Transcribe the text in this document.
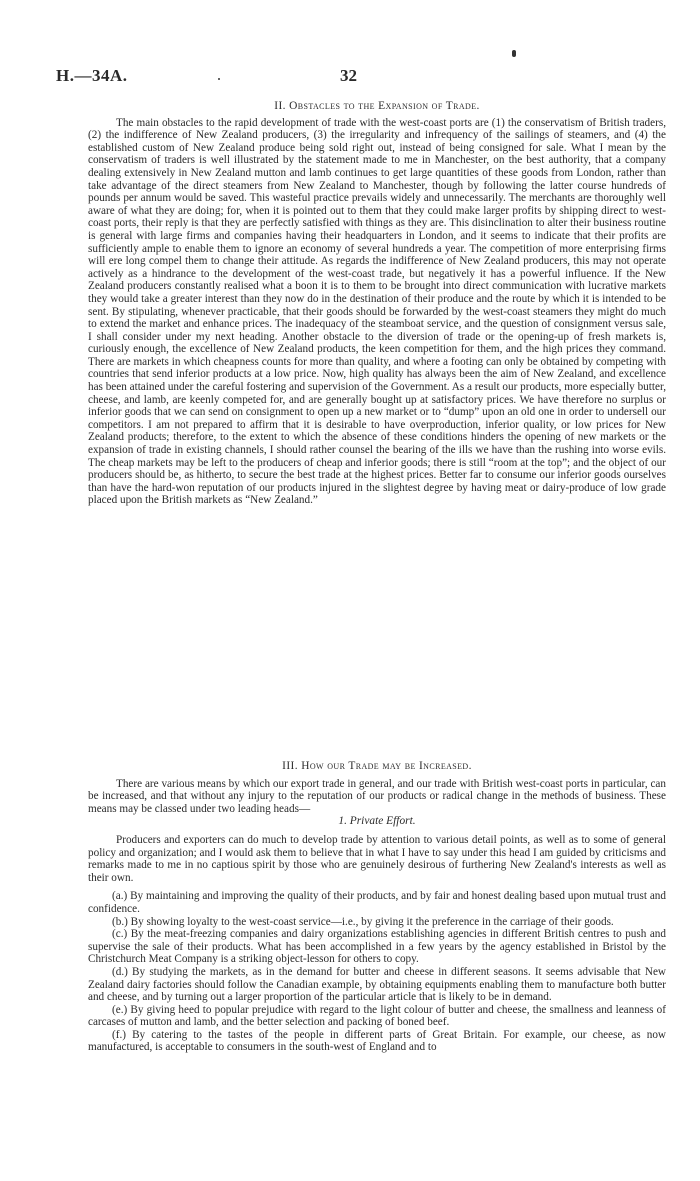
H.—34A.	32
II. Obstacles to the Expansion of Trade.

The main obstacles to the rapid development of trade with the west-coast ports are (1) the conservatism of British traders, (2) the indifference of New Zealand producers, (3) the irregularity and infrequency of the sailings of steamers, and (4) the established custom of New Zealand produce being sold right out, instead of being consigned for sale. What I mean by the conservatism of traders is well illustrated by the statement made to me in Manchester, on the best authority, that a company dealing extensively in New Zealand mutton and lamb continues to get large quantities of these goods from London, rather than take advantage of the direct steamers from New Zealand to Manchester, though by following the latter course hundreds of pounds per annum would be saved. This wasteful practice prevails widely and unnecessarily. The merchants are thoroughly well aware of what they are doing; for, when it is pointed out to them that they could make larger profits by shipping direct to west-coast ports, their reply is that they are perfectly satisfied with things as they are. This disinclination to alter their business routine is general with large firms and companies having their headquarters in London, and it seems to indicate that their profits are sufficiently ample to enable them to ignore an economy of several hundreds a year. The competition of more enterprising firms will ere long compel them to change their attitude. As regards the indifference of New Zealand producers, this may not operate actively as a hindrance to the development of the west-coast trade, but negatively it has a powerful influence. If the New Zealand producers constantly realised what a boon it is to them to be brought into direct communication with lucrative markets they would take a greater interest than they now do in the destination of their produce and the route by which it is intended to be sent. By stipulating, whenever practicable, that their goods should be forwarded by the west-coast steamers they might do much to extend the market and enhance prices. The inadequacy of the steamboat service, and the question of consignment versus sale, I shall consider under my next heading. Another obstacle to the diversion of trade or the opening-up of fresh markets is, curiously enough, the excellence of New Zealand products, the keen competition for them, and the high prices they command. There are markets in which cheapness counts for more than quality, and where a footing can only be obtained by competing with countries that send inferior products at a low price. Now, high quality has always been the aim of New Zealand, and excellence has been attained under the careful fostering and supervision of the Government. As a result our products, more especially butter, cheese, and lamb, are keenly competed for, and are generally bought up at satisfactory prices. We have therefore no surplus or inferior goods that we can send on consignment to open up a new market or to “dump” upon an old one in order to undersell our competitors. I am not prepared to affirm that it is desirable to have overproduction, inferior quality, or low prices for New Zealand products; therefore, to the extent to which the absence of these conditions hinders the opening of new markets or the expansion of trade in existing channels, I should rather counsel the bearing of the ills we have than the rushing into worse evils. The cheap markets may be left to the producers of cheap and inferior goods; there is still “room at the top”; and the object of our producers should be, as hitherto, to secure the best trade at the highest prices. Better far to consume our inferior goods ourselves than have the hard-won reputation of our products injured in the slightest degree by having meat or dairy-produce of low grade placed upon the British markets as “New Zealand.”

III. How our Trade may be Increased.

There are various means by which our export trade in general, and our trade with British west-coast ports in particular, can be increased, and that without any injury to the reputation of our products or radical change in the methods of business. These means may be classed under two leading heads—

1. Private Effort.

Producers and exporters can do much to develop trade by attention to various detail points, as well as to some of general policy and organization; and I would ask them to believe that in what I have to say under this head I am guided by criticisms and remarks made to me in no captious spirit by those who are genuinely desirous of furthering New Zealand's interests as well as their own.

(a.) By maintaining and improving the quality of their products, and by fair and honest dealing based upon mutual trust and confidence.

(b.) By showing loyalty to the west-coast service—i.e., by giving it the preference in the carriage of their goods.

(c.) By the meat-freezing companies and dairy organizations establishing agencies in different British centres to push and supervise the sale of their products. What has been accomplished in a few years by the agency established in Bristol by the Christchurch Meat Company is a striking object-lesson for others to copy.

(d.) By studying the markets, as in the demand for butter and cheese in different seasons. It seems advisable that New Zealand dairy factories should follow the Canadian example, by obtaining equipments enabling them to manufacture both butter and cheese, and by turning out a larger proportion of the particular article that is likely to be in demand.

(e.) By giving heed to popular prejudice with regard to the light colour of butter and cheese, the smallness and leanness of carcases of mutton and lamb, and the better selection and packing of boned beef.

(f.) By catering to the tastes of the people in different parts of Great Britain. For example, our cheese, as now manufactured, is acceptable to consumers in the south-west of England and to
